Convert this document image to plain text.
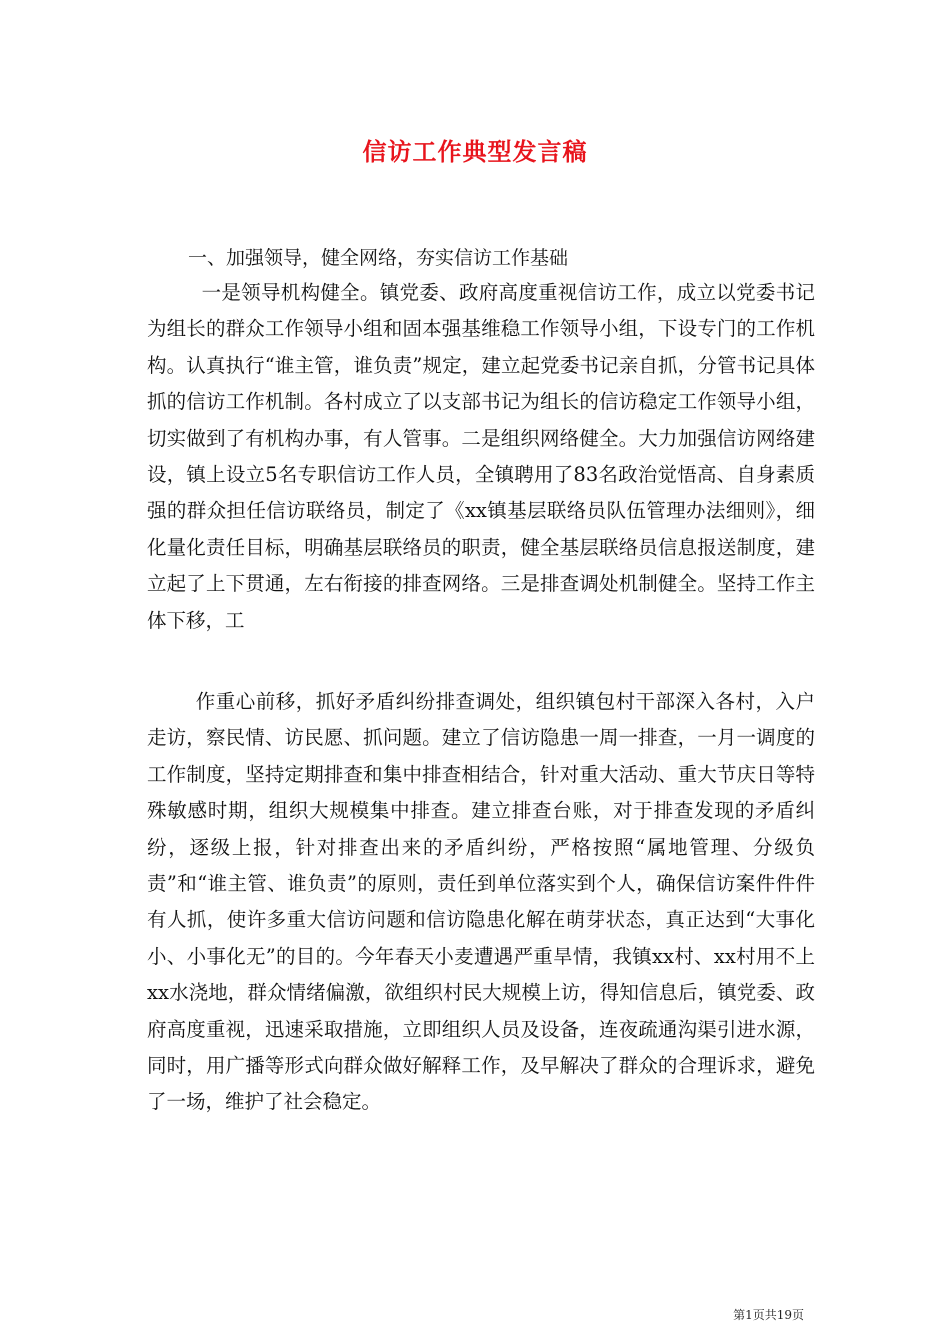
信访工作典型发言稿
一、加强领导，健全网络，夯实信访工作基础
一是领导机构健全。镇党委、政府高度重视信访工作，成立以党委书记为组长的群众工作领导小组和固本强基维稳工作领导小组，下设专门的工作机构。认真执行“谁主管，谁负责”规定，建立起党委书记亲自抓，分管书记具体抓的信访工作机制。各村成立了以支部书记为组长的信访稳定工作领导小组，切实做到了有机构办事，有人管事。二是组织网络健全。大力加强信访网络建设，镇上设立5名专职信访工作人员，全镇聘用了83名政治觉悟高、自身素质强的群众担任信访联络员，制定了《xx镇基层联络员队伍管理办法细则》，细化量化责任目标，明确基层联络员的职责，健全基层联络员信息报送制度，建立起了上下贯通，左右衔接的排查网络。三是排查调处机制健全。坚持工作主体下移，工
作重心前移，抓好矛盾纠纷排查调处，组织镇包村干部深入各村，入户走访，察民情、访民愿、抓问题。建立了信访隐患一周一排查，一月一调度的工作制度，坚持定期排查和集中排查相结合，针对重大活动、重大节庆日等特殊敏感时期，组织大规模集中排查。建立排查台账，对于排查发现的矛盾纠纷，逐级上报，针对排查出来的矛盾纠纷，严格按照“属地管理、分级负责”和“谁主管、谁负责”的原则，责任到单位落实到个人，确保信访案件件件有人抓，使许多重大信访问题和信访隐患化解在萌芽状态，真正达到“大事化小、小事化无”的目的。今年春天小麦遭遇严重旱情，我镇xx村、xx村用不上xx水浇地，群众情绪偏激，欲组织村民大规模上访，得知信息后，镇党委、政府高度重视，迅速采取措施，立即组织人员及设备，连夜疏通沟渠引进水源，同时，用广播等形式向群众做好解释工作，及早解决了群众的合理诉求，避免了一场，维护了社会稳定。
第1页共19页
